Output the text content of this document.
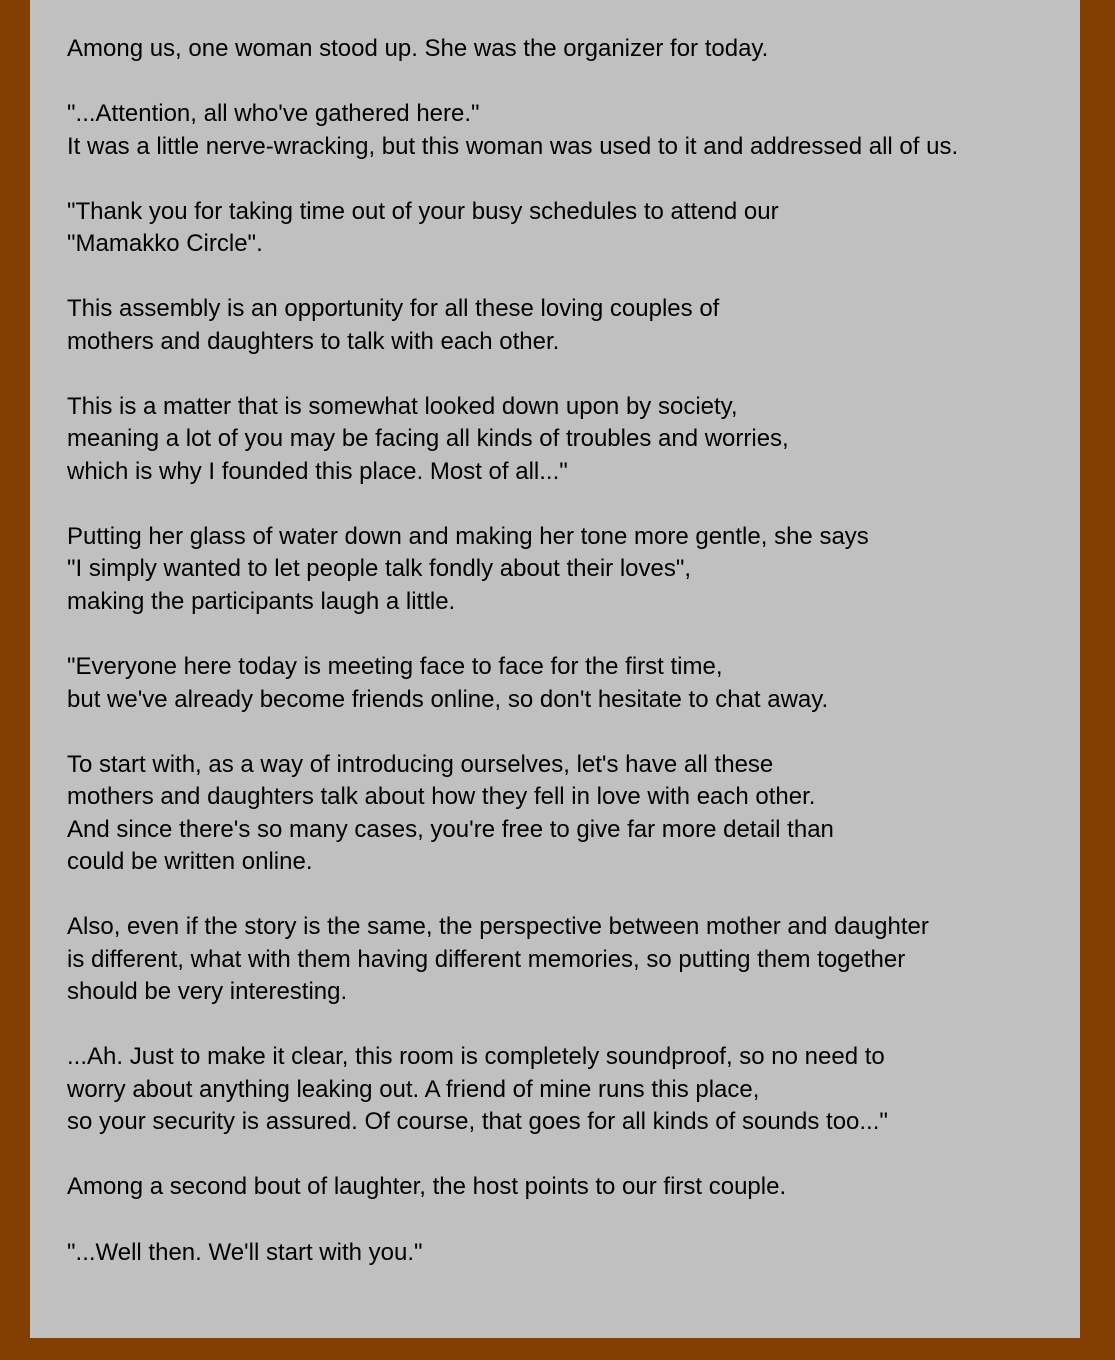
Among us, one woman stood up. She was the organizer for today.

"...Attention, all who've gathered here."
It was a little nerve-wracking, but this woman was used to it and addressed all of us.

"Thank you for taking time out of your busy schedules to attend our
"Mamakko Circle".

This assembly is an opportunity for all these loving couples of
mothers and daughters to talk with each other.

This is a matter that is somewhat looked down upon by society,
meaning a lot of you may be facing all kinds of troubles and worries,
which is why I founded this place. Most of all..."

Putting her glass of water down and making her tone more gentle, she says
"I simply wanted to let people talk fondly about their loves",
making the participants laugh a little.

"Everyone here today is meeting face to face for the first time,
but we've already become friends online, so don't hesitate to chat away.

To start with, as a way of introducing ourselves, let's have all these
mothers and daughters talk about how they fell in love with each other.
And since there's so many cases, you're free to give far more detail than
could be written online.

Also, even if the story is the same, the perspective between mother and daughter
is different, what with them having different memories, so putting them together
should be very interesting.

...Ah. Just to make it clear, this room is completely soundproof, so no need to
worry about anything leaking out. A friend of mine runs this place,
so your security is assured. Of course, that goes for all kinds of sounds too..."

Among a second bout of laughter, the host points to our first couple.

"...Well then. We'll start with you."
